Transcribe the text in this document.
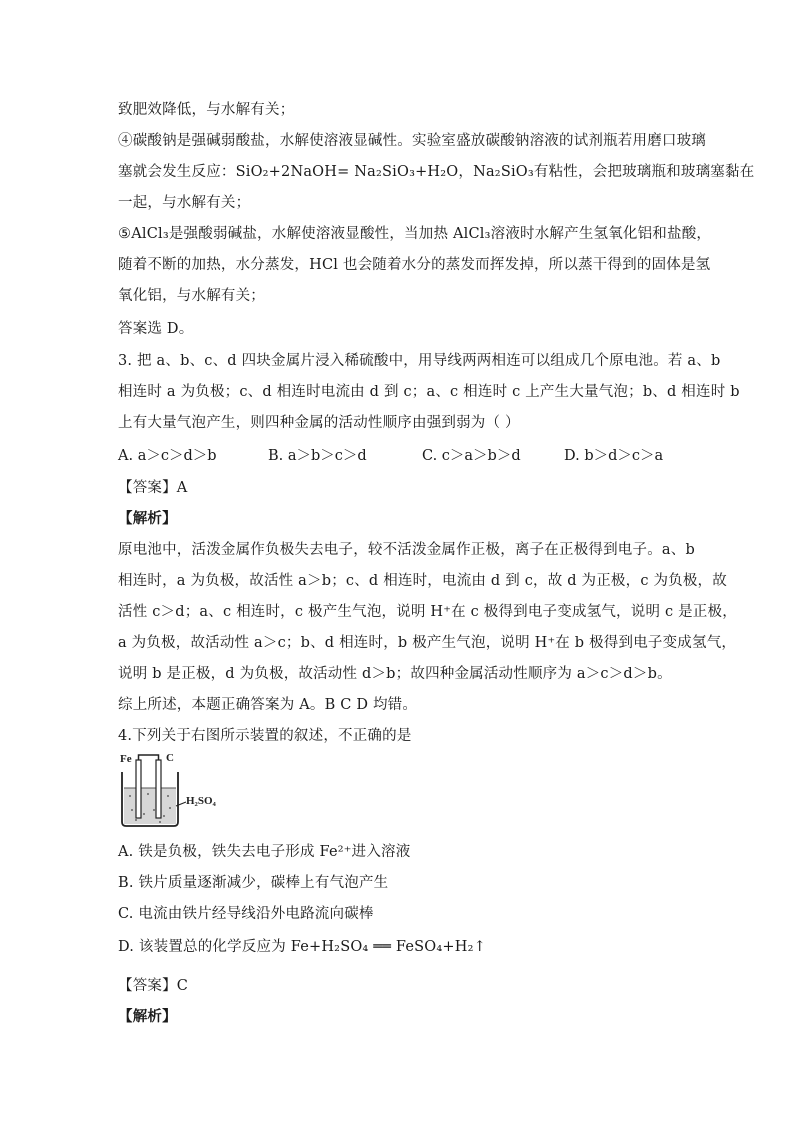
致肥效降低，与水解有关；
④碳酸钠是强碱弱酸盐，水解使溶液显碱性。实验室盛放碳酸钠溶液的试剂瓶若用磨口玻璃
塞就会发生反应：SiO₂+2NaOH= Na₂SiO₃+H₂O，Na₂SiO₃有粘性，会把玻璃瓶和玻璃塞黏在
一起，与水解有关；
⑤AlCl₃是强酸弱碱盐，水解使溶液显酸性，当加热 AlCl₃溶液时水解产生氢氧化铝和盐酸，
随着不断的加热，水分蒸发，HCl 也会随着水分的蒸发而挥发掉，所以蒸干得到的固体是氢
氧化铝，与水解有关；
答案选 D。
3. 把 a、b、c、d 四块金属片浸入稀硫酸中，用导线两两相连可以组成几个原电池。若 a、b
相连时 a 为负极；c、d 相连时电流由 d 到 c；a、c 相连时 c 上产生大量气泡；b、d 相连时 b
上有大量气泡产生，则四种金属的活动性顺序由强到弱为（ ）
A. a＞c＞d＞b	B. a＞b＞c＞d	C. c＞a＞b＞d	D. b＞d＞c＞a
【答案】A
【解析】
原电池中，活泼金属作负极失去电子，较不活泼金属作正极，离子在正极得到电子。a、b
相连时，a 为负极，故活性 a＞b；c、d 相连时，电流由 d 到 c，故 d 为正极，c 为负极，故
活性 c＞d；a、c 相连时，c 极产生气泡，说明 H⁺在 c 极得到电子变成氢气，说明 c 是正极，
a 为负极，故活动性 a＞c；b、d 相连时，b 极产生气泡，说明 H⁺在 b 极得到电子变成氢气，
说明 b 是正极，d 为负极，故活动性 d＞b；故四种金属活动性顺序为 a＞c＞d＞b。
综上所述，本题正确答案为 A。B C D 均错。
4.下列关于右图所示装置的叙述，不正确的是
Fe	C
H₂SO₄
A. 铁是负极，铁失去电子形成 Fe²⁺进入溶液
B. 铁片质量逐渐减少，碳棒上有气泡产生
C. 电流由铁片经导线沿外电路流向碳棒
D. 该装置总的化学反应为 Fe+H₂SO₄ ══ FeSO₄+H₂↑
【答案】C
【解析】
